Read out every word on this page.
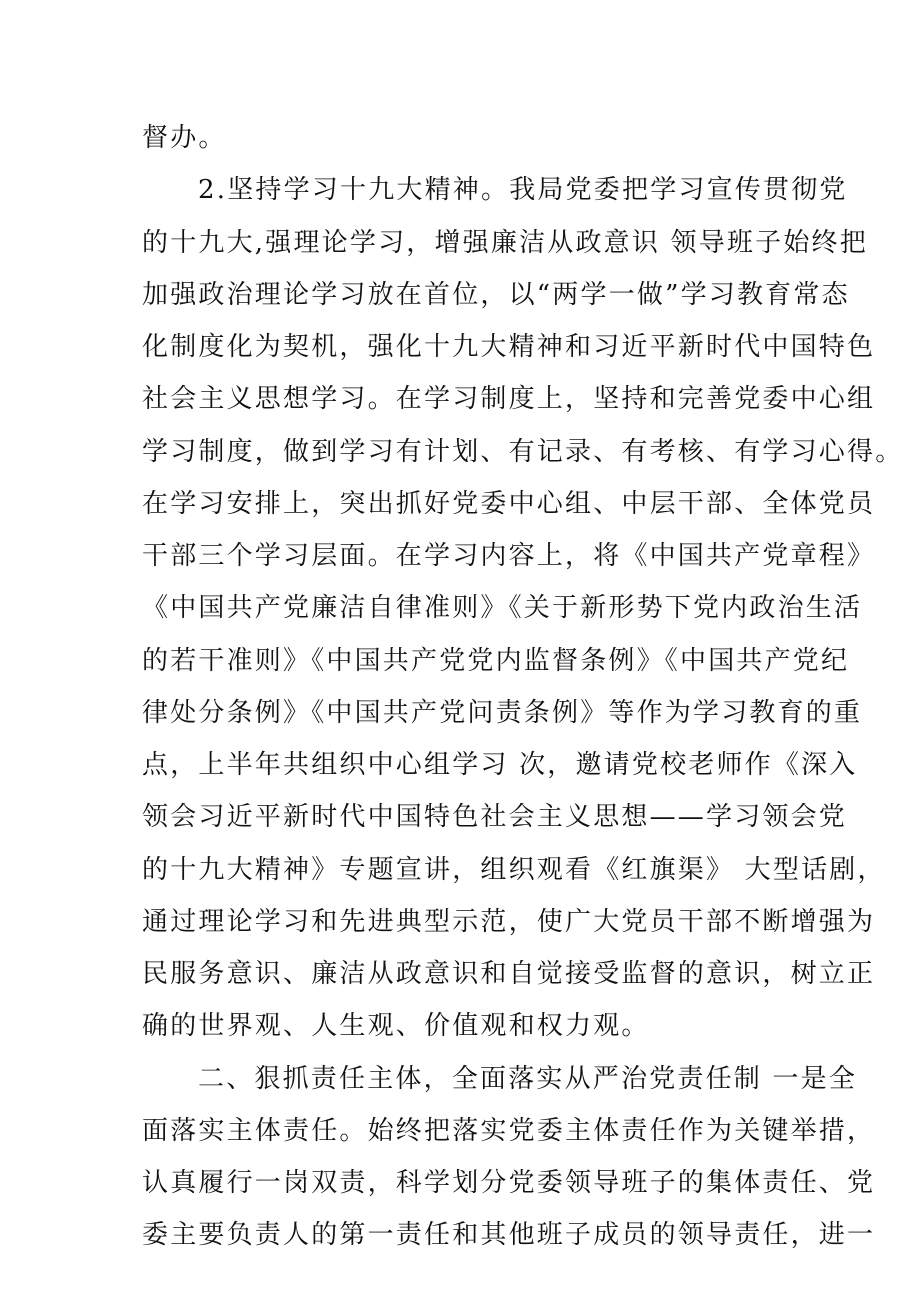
督办。
2.坚持学习十九大精神。我局党委把学习宣传贯彻党
的十九大,强理论学习，增强廉洁从政意识 领导班子始终把
加强政治理论学习放在首位，以“两学一做”学习教育常态
化制度化为契机，强化十九大精神和习近平新时代中国特色
社会主义思想学习。在学习制度上，坚持和完善党委中心组
学习制度，做到学习有计划、有记录、有考核、有学习心得。
在学习安排上，突出抓好党委中心组、中层干部、全体党员
干部三个学习层面。在学习内容上，将《中国共产党章程》
《中国共产党廉洁自律准则》《关于新形势下党内政治生活
的若干准则》《中国共产党党内监督条例》《中国共产党纪
律处分条例》《中国共产党问责条例》等作为学习教育的重
点，上半年共组织中心组学习 次，邀请党校老师作《深入
领会习近平新时代中国特色社会主义思想——学习领会党
的十九大精神》专题宣讲，组织观看《红旗渠》 大型话剧，
通过理论学习和先进典型示范，使广大党员干部不断增强为
民服务意识、廉洁从政意识和自觉接受监督的意识，树立正
确的世界观、人生观、价值观和权力观。
二、狠抓责任主体，全面落实从严治党责任制 一是全
面落实主体责任。始终把落实党委主体责任作为关键举措，
认真履行一岗双责，科学划分党委领导班子的集体责任、党
委主要负责人的第一责任和其他班子成员的领导责任，进一
